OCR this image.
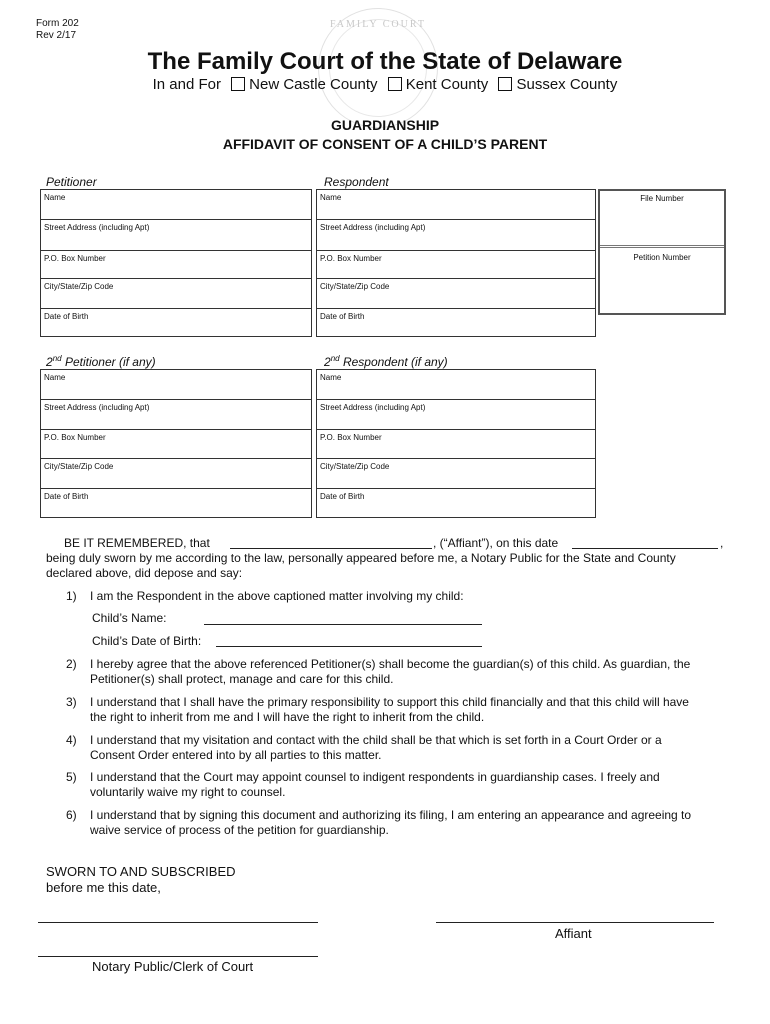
Form 202
Rev 2/17
FAMILY COURT
The Family Court of the State of Delaware
In and For New Castle County Kent County Sussex County
GUARDIANSHIP
AFFIDAVIT OF CONSENT OF A CHILD’S PARENT
Petitioner	Respondent
Name
Street Address (including Apt)
P.O. Box Number
City/State/Zip Code
Date of Birth
Name
Street Address (including Apt)
P.O. Box Number
City/State/Zip Code
Date of Birth
File Number
Petition Number
2nd Petitioner (if any)	2nd Respondent (if any)
Name
Street Address (including Apt)
P.O. Box Number
City/State/Zip Code
Date of Birth
Name
Street Address (including Apt)
P.O. Box Number
City/State/Zip Code
Date of Birth
BE IT REMEMBERED, that	, (“Affiant”), on this date	,
being duly sworn by me according to the law, personally appeared before me, a Notary Public for the State and County
declared above, did depose and say:
1) I am the Respondent in the above captioned matter involving my child:
Child’s Name:
Child’s Date of Birth:
2) I hereby agree that the above referenced Petitioner(s) shall become the guardian(s) of this child. As guardian, the
Petitioner(s) shall protect, manage and care for this child.
3) I understand that I shall have the primary responsibility to support this child financially and that this child will have
the right to inherit from me and I will have the right to inherit from the child.
4) I understand that my visitation and contact with the child shall be that which is set forth in a Court Order or a
Consent Order entered into by all parties to this matter.
5) I understand that the Court may appoint counsel to indigent respondents in guardianship cases. I freely and
voluntarily waive my right to counsel.
6) I understand that by signing this document and authorizing its filing, I am entering an appearance and agreeing to
waive service of process of the petition for guardianship.
SWORN TO AND SUBSCRIBED
before me this date,
Affiant
Notary Public/Clerk of Court
